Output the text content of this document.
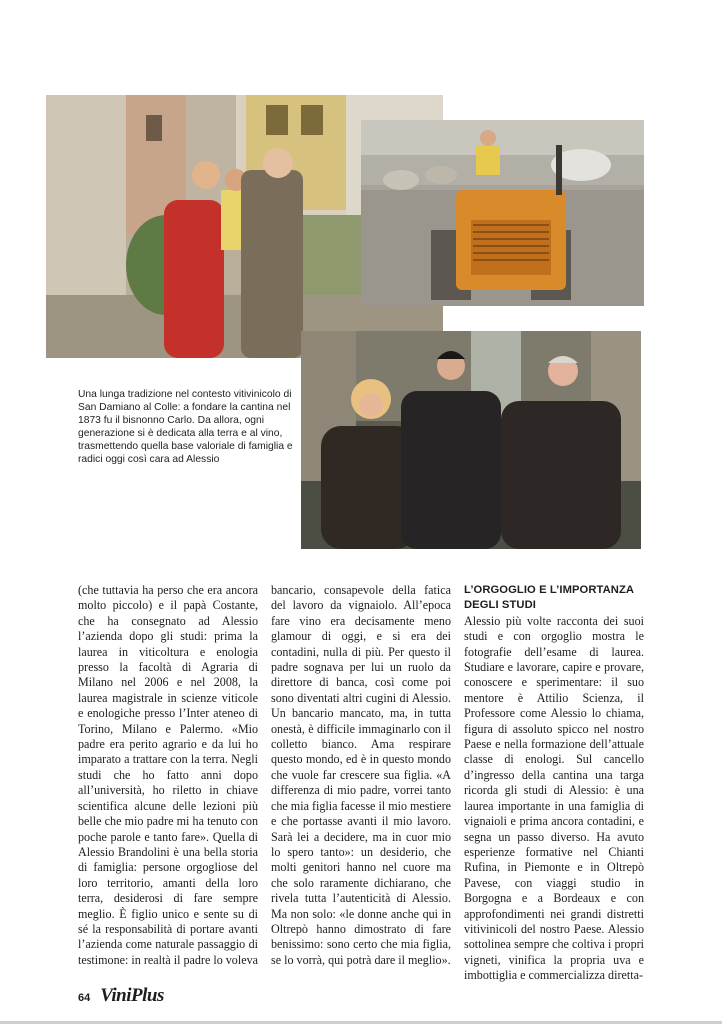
Una lunga tradizione nel contesto vitivinicolo di San Damiano al Colle: a fondare la cantina nel 1873 fu il bisnonno Carlo. Da allora, ogni generazione si è dedicata alla terra e al vino, trasmettendo quella base valoriale di famiglia e radici oggi così cara ad Alessio

(che tuttavia ha perso che era ancora molto piccolo) e il papà Costante, che ha consegnato ad Alessio l’azienda dopo gli studi: prima la laurea in viticoltura e enologia presso la facoltà di Agraria di Milano nel 2006 e nel 2008, la laurea magistrale in scienze viticole e enologiche presso l’Inter ateneo di Torino, Milano e Palermo. «Mio padre era perito agrario e da lui ho imparato a trattare con la terra. Negli studi che ho fatto anni dopo all’università, ho riletto in chiave scientifica alcune delle lezioni più belle che mio padre mi ha tenuto con poche parole e tanto fare». Quella di Alessio Brandolini è una bella storia di famiglia: persone orgogliose del loro territorio, amanti della loro terra, desiderosi di fare sempre meglio. È figlio unico e sente su di sé la responsabilità di portare avanti l’azienda come naturale passaggio di testimone: in realtà il padre lo voleva

bancario, consapevole della fatica del lavoro da vignaiolo. All’epoca fare vino era decisamente meno glamour di oggi, e si era dei contadini, nulla di più. Per questo il padre sognava per lui un ruolo da direttore di banca, così come poi sono diventati altri cugini di Alessio. Un bancario mancato, ma, in tutta onestà, è difficile immaginarlo con il colletto bianco. Ama respirare questo mondo, ed è in questo mondo che vuole far crescere sua figlia. «A differenza di mio padre, vorrei tanto che mia figlia facesse il mio mestiere e che portasse avanti il mio lavoro. Sarà lei a decidere, ma in cuor mio lo spero tanto»: un desiderio, che molti genitori hanno nel cuore ma che solo raramente dichiarano, che rivela tutta l’autenticità di Alessio. Ma non solo: «le donne anche qui in Oltrepò hanno dimostrato di fare benissimo: sono certo che mia figlia, se lo vorrà, qui potrà dare il meglio».

L’ORGOGLIO E L’IMPORTANZA DEGLI STUDI

Alessio più volte racconta dei suoi studi e con orgoglio mostra le fotografie dell’esame di laurea. Studiare e lavorare, capire e provare, conoscere e sperimentare: il suo mentore è Attilio Scienza, il Professore come Alessio lo chiama, figura di assoluto spicco nel nostro Paese e nella formazione dell’attuale classe di enologi. Sul cancello d’ingresso della cantina una targa ricorda gli studi di Alessio: è una laurea importante in una famiglia di vignaioli e prima ancora contadini, e segna un passo diverso. Ha avuto esperienze formative nel Chianti Rufina, in Piemonte e in Oltrepò Pavese, con viaggi studio in Borgogna e a Bordeaux e con approfondimenti nei grandi distretti vitivinicoli del nostro Paese. Alessio sottolinea sempre che coltiva i propri vigneti, vinifica la propria uva e imbottiglia e commercializza diretta-

64 ViniPlus
